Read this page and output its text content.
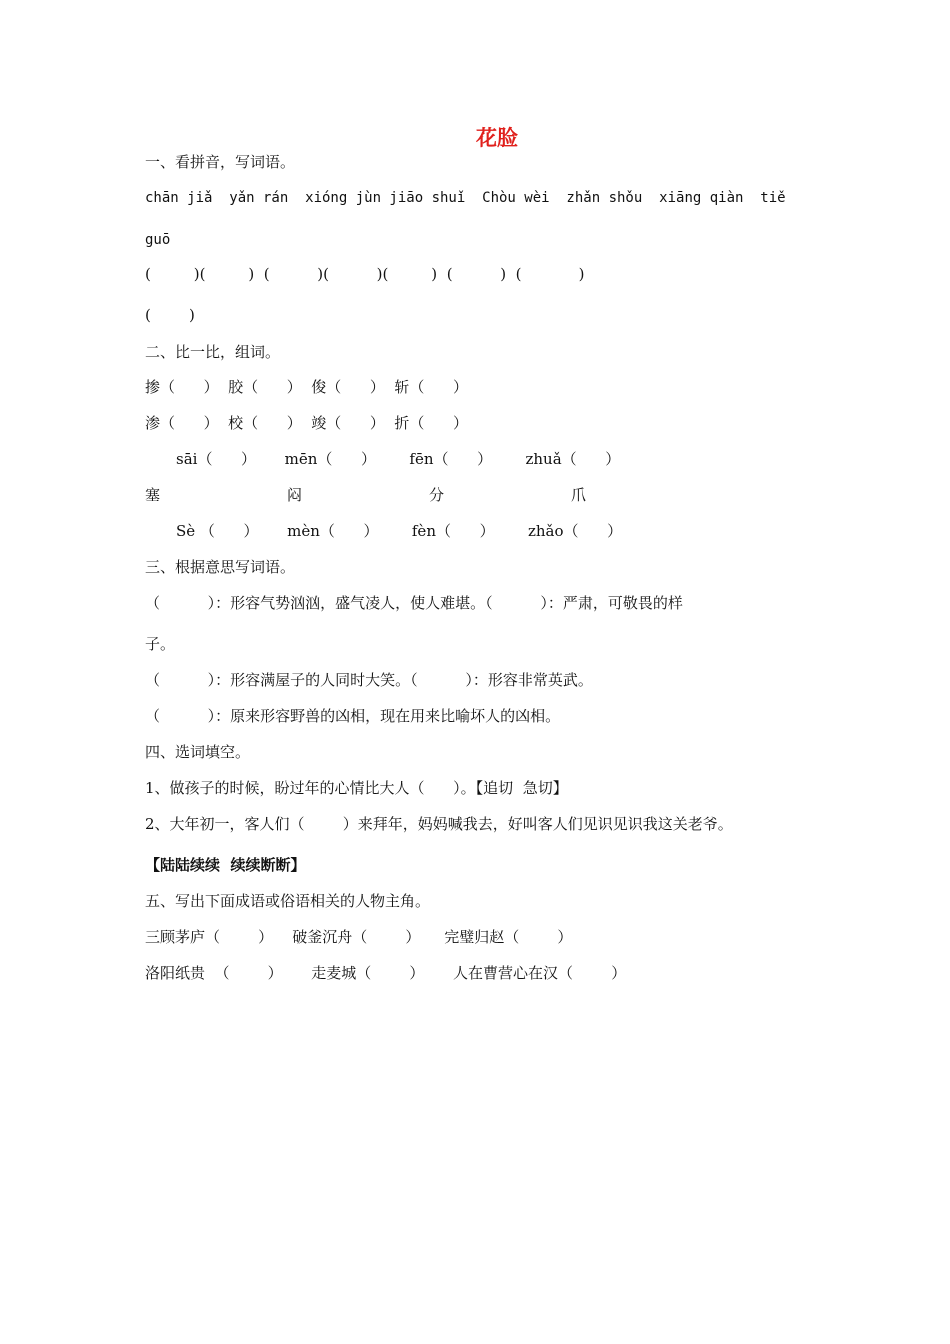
花脸
一、看拼音，写词语。
chān jiǎ  yǎn rán  xióng jùn jiāo shuǐ  Chòu wèi  zhǎn shǒu  xiāng qiàn  tiě
guō
(         )(         )  (          )(          )(         )  (          )  (            )
(        )
二、比一比，组词。
掺（      ）  胶（      ）  俊（      ）  斩（      ）
渗（      ）  校（      ）  竣（      ）  折（      ）
sāi（      ）      mēn（      ）       fēn（      ）       zhuǎ（      ）
塞	闷	分	爪
Sè （      ）      mèn（      ）       fèn（      ）       zhǎo（      ）
三、根据意思写词语。
（          ）：形容气势汹汹，盛气凌人，使人难堪。（          ）：严肃，可敬畏的样
子。
（          ）：形容满屋子的人同时大笑。（          ）：形容非常英武。
（          ）：原来形容野兽的凶相，现在用来比喻坏人的凶相。
四、选词填空。
1、做孩子的时候，盼过年的心情比大人（      ）。【追切  急切】
2、大年初一，客人们（        ）来拜年，妈妈喊我去，好叫客人们见识见识我这关老爷。
【陆陆续续  续续断断】
五、写出下面成语或俗语相关的人物主角。
三顾茅庐（        ）    破釜沉舟（        ）     完璧归赵（        ）
洛阳纸贵  （        ）      走麦城（        ）      人在曹营心在汉（        ）
